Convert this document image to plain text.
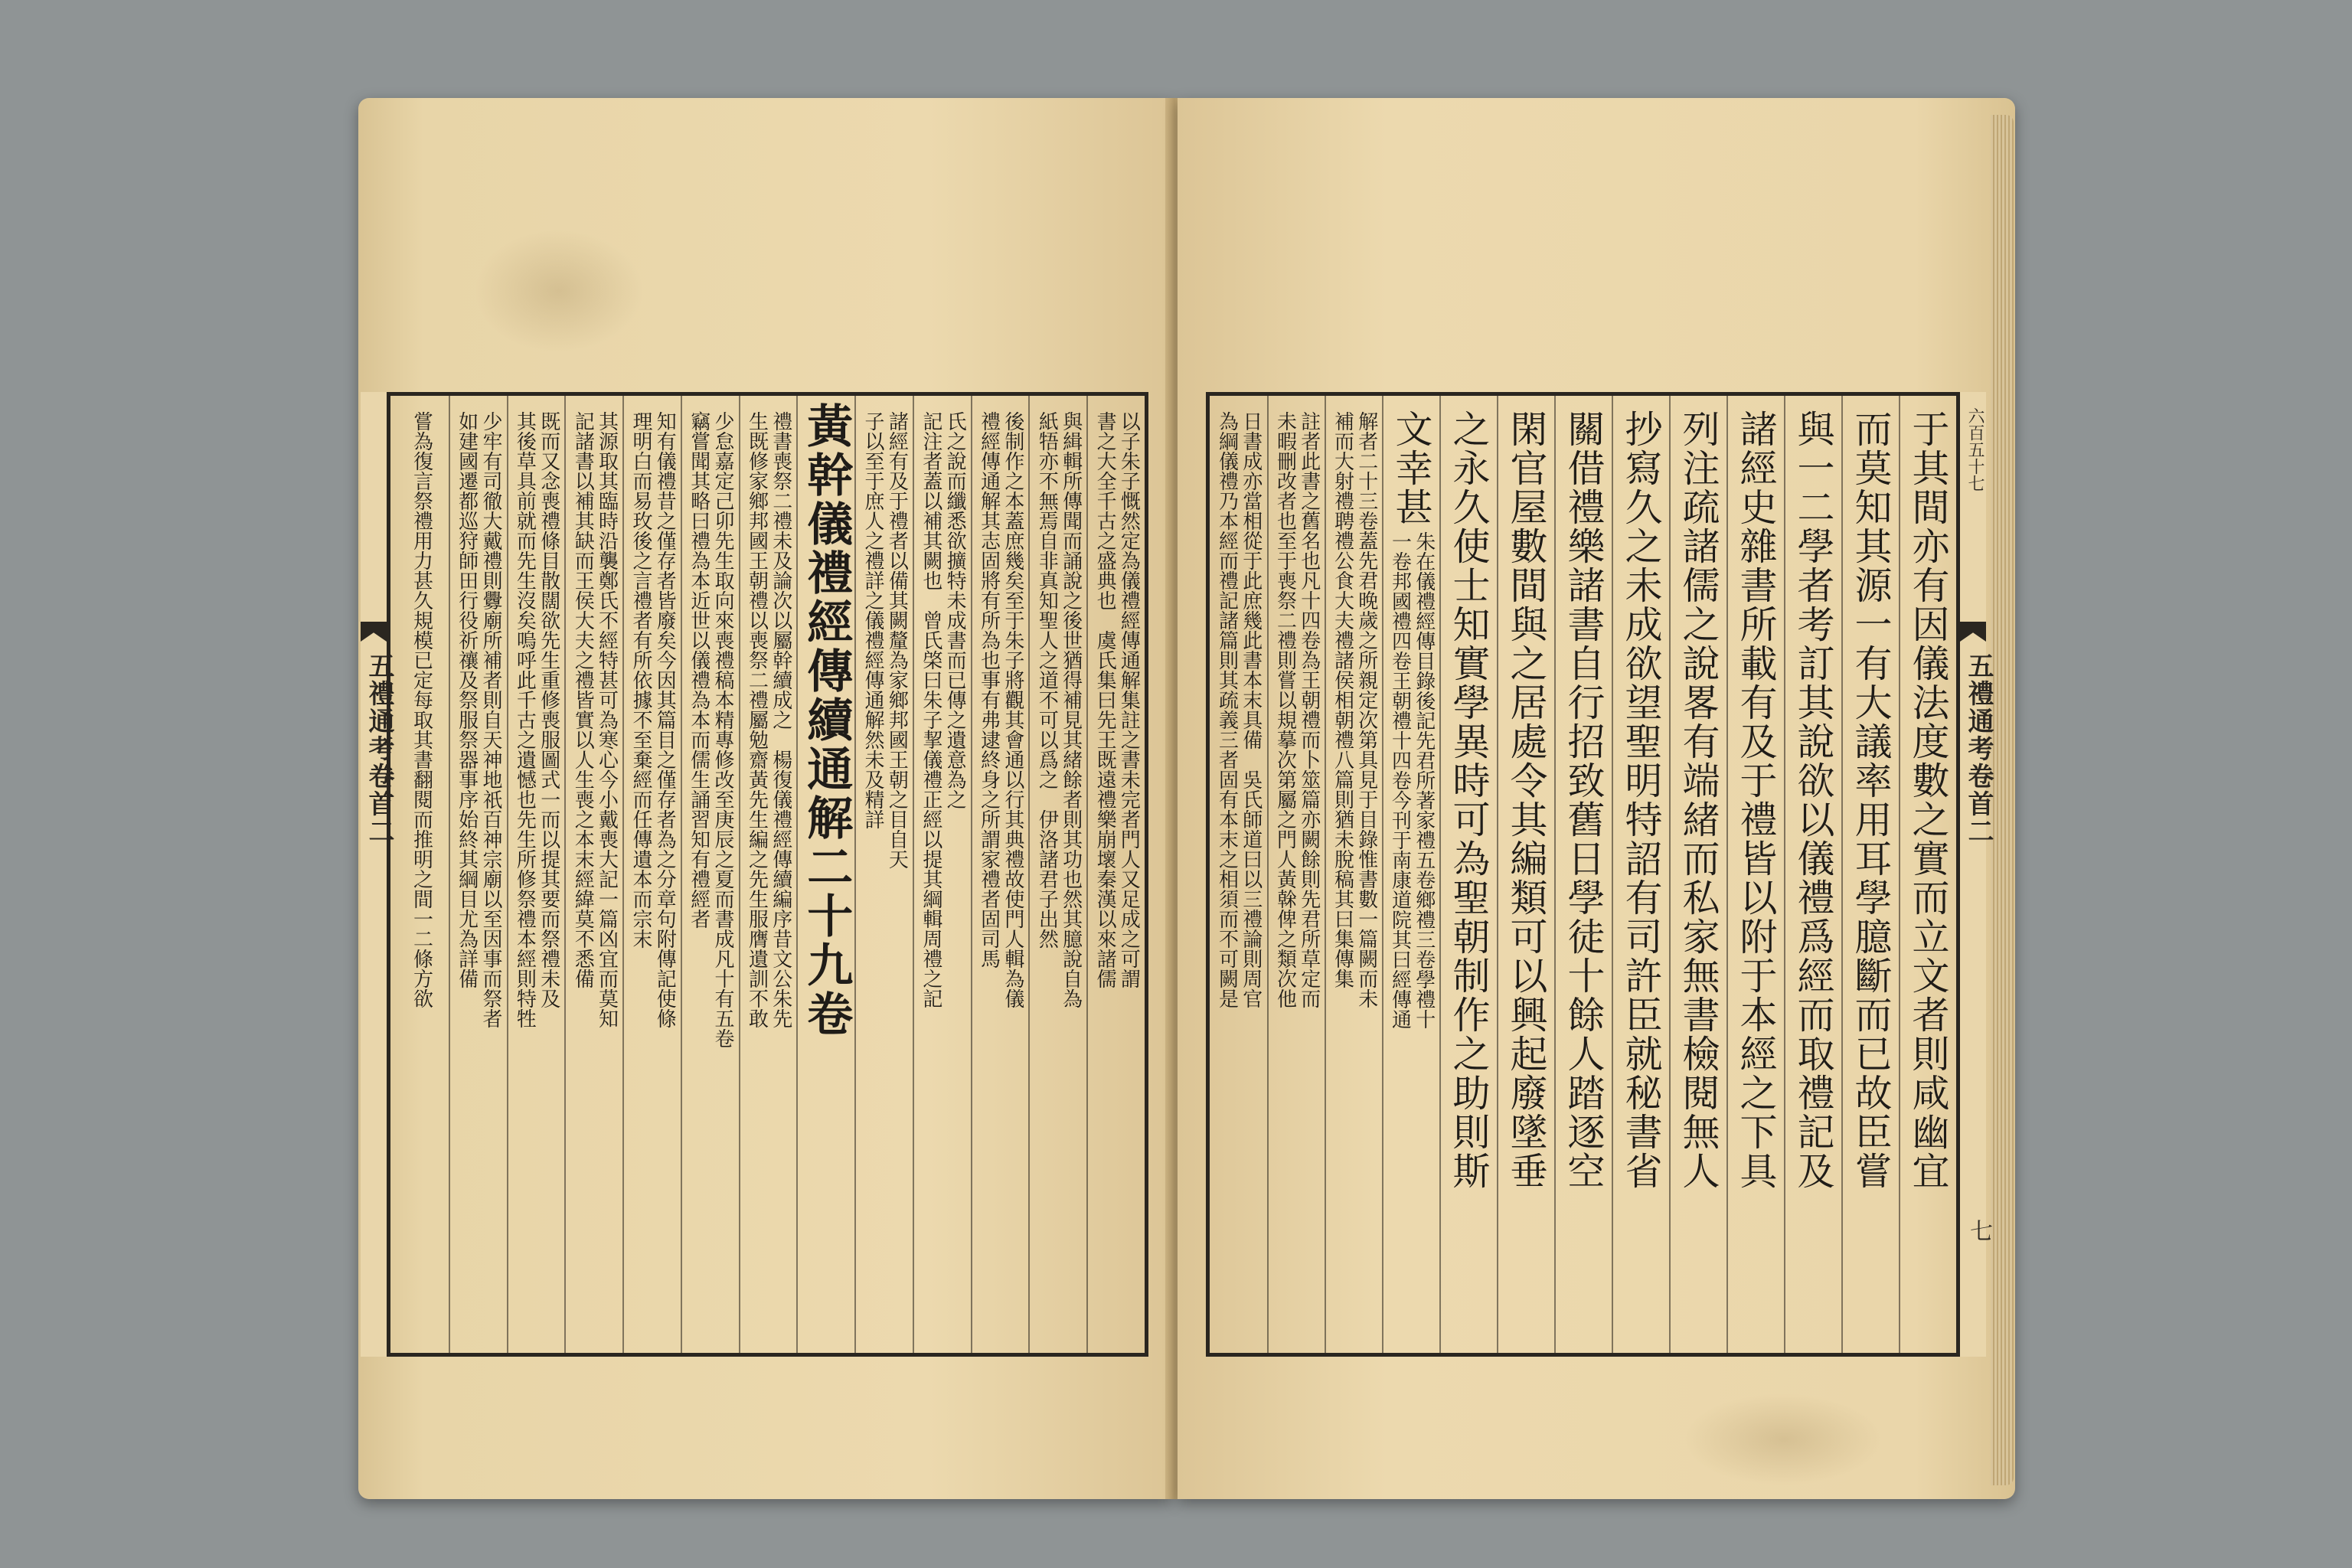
以子朱子慨然定為儀禮經傳通解集註之書未完者門人又足成之可謂
書之大全千古之盛典也　虞氏集曰先王既遠禮樂崩壞秦漢以來諸儒
與緝輯所傳聞而誦說之後世猶得補見其緒餘者則其功也然其臆說自為
紙牾亦不無焉自非真知聖人之道不可以爲之　伊洛諸君子出然
後制作之本蓋庶幾矣至于朱子將觀其會通以行其典禮故使門人輯為儀
禮經傳通解其志固將有所為也事有弗逮終身之所謂家禮者固司馬
氏之說而纖悉欲擴特未成書而已傳之遺意為之
記注者蓋以補其闕也　曾氏棨曰朱子挈儀禮正經以提其綱輯周禮之記
諸經有及于禮者以備其闕釐為家鄉邦國王朝之目自天
子以至于庶人之禮詳之儀禮經傳通解然未及精詳
黃幹儀禮經傳續通解二十九卷
禮書喪祭二禮未及論次以屬幹續成之　楊復儀禮經傳續編序昔文公朱先
生既修家鄉邦國王朝禮以喪祭二禮屬勉齋黃先生編之先生服膺遺訓不敢
少怠嘉定己卯先生取向來喪禮稿本精專修改至庚辰之夏而書成凡十有五卷
竊嘗聞其略曰禮為本近世以儀禮為本而儒生誦習知有禮經者
知有儀禮昔之僅存者皆廢矣今因其篇目之僅存者為之分章句附傳記使條
理明白而易玫後之言禮者有所依據不至棄經而任傳遺本而宗末
其源取其臨時沿襲鄭氏不經特甚可為寒心今小戴喪大記一篇凶宜而莫知
記諸書以補其缺而王侯大夫之禮皆實以人生喪之本末經緯莫不悉備
既而又念喪禮條目散闊欲先生重修喪服圖式一而以提其要而祭禮未及
其後草具前就而先生沒矣嗚呼此千古之遺憾也先生所修祭禮本經則特牲
少牢有司徹大戴禮則釁廟所補者則自天神地祇百神宗廟以至因事而祭者
如建國遷都巡狩師田行役祈禳及祭服祭器事序始終其綱目尤為詳備
嘗為復言祭禮用力甚久規模已定每取其書翻閱而推明之間一二條方欲
五禮通考卷首二	于其間亦有因儀法度數之實而立文者則咸幽宜
而莫知其源一有大議率用耳學臆斷而已故臣嘗
與一二學者考訂其說欲以儀禮爲經而取禮記及
諸經史雜書所載有及于禮皆以附于本經之下具
列注疏諸儒之說畧有端緒而私家無書檢閱無人
抄寫久之未成欲望聖明特詔有司許臣就秘書省
關借禮樂諸書自行招致舊日學徒十餘人踏逐空
閑官屋數間與之居處令其編類可以興起廢墜垂
之永久使士知實學異時可為聖朝制作之助則斯
文幸甚
朱在儀禮經傳目錄後記先君所著家禮五卷鄉禮三卷學禮十
一卷邦國禮四卷王朝禮十四卷今刊于南康道院其曰經傳通
解者二十三卷蓋先君晚歲之所親定次第具見于目錄惟書數一篇闕而未
補而大射禮聘禮公食大夫禮諸侯相朝禮八篇則猶未脫稿其曰集傳集
註者此書之舊名也凡十四卷為王朝禮而卜筮篇亦闕餘則先君所草定而
未暇刪改者也至于喪祭二禮則嘗以規摹次第屬之門人黃榦俾之類次他
日書成亦當相從于此庶幾此書本末具備　吳氏師道曰以三禮論則周官
為綱儀禮乃本經而禮記諸篇則其疏義三者固有本末之相須而不可闕是	六百五十七
五禮通考卷首二
七
